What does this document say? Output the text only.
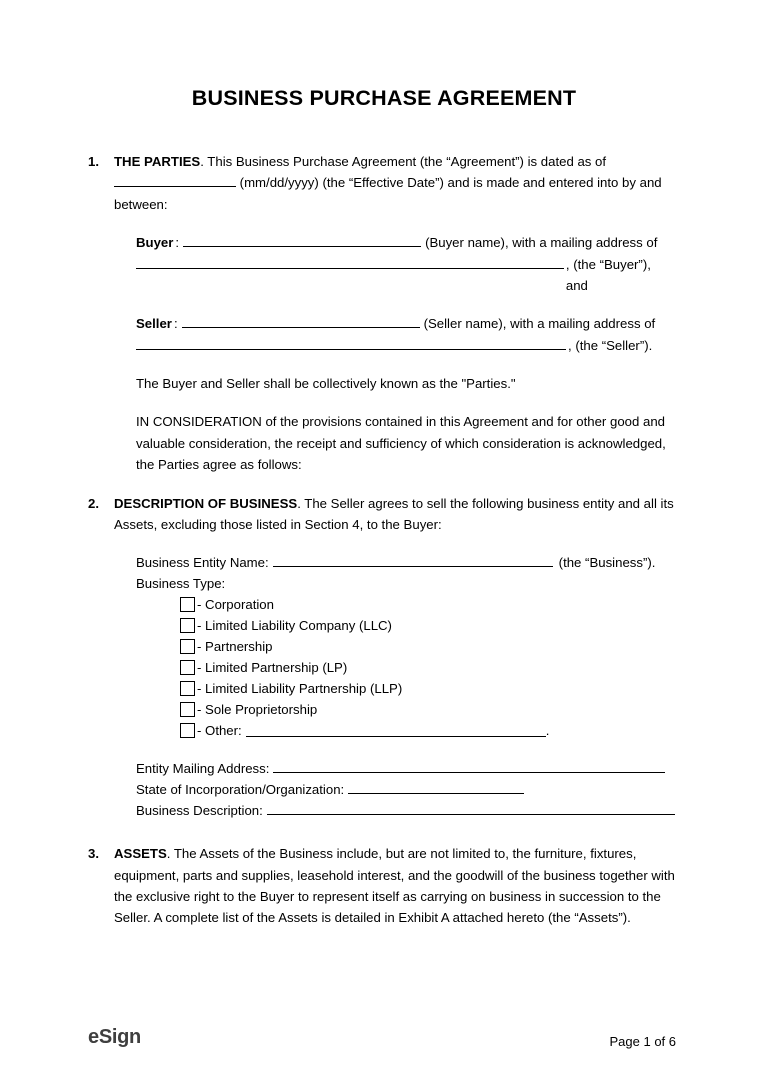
BUSINESS PURCHASE AGREEMENT
1.	THE PARTIES. This Business Purchase Agreement (the “Agreement”) is dated as of
(mm/dd/yyyy) (the “Effective Date”) and is made and entered into by and
between:
Buyer :	(Buyer name), with a mailing address of
, (the “Buyer”), and
Seller :	(Seller name), with a mailing address of
, (the “Seller”).
The Buyer and Seller shall be collectively known as the "Parties."
IN CONSIDERATION of the provisions contained in this Agreement and for other good and valuable consideration, the receipt and sufficiency of which consideration is acknowledged, the Parties agree as follows:
2.	DESCRIPTION OF BUSINESS. The Seller agrees to sell the following business entity and all its Assets, excluding those listed in Section 4, to the Buyer:
Business Entity Name:	(the “Business”).
Business Type:
- Corporation
- Limited Liability Company (LLC)
- Partnership
- Limited Partnership (LP)
- Limited Liability Partnership (LLP)
- Sole Proprietorship
- Other:	.
Entity Mailing Address:
State of Incorporation/Organization:
Business Description:
3.	ASSETS. The Assets of the Business include, but are not limited to, the furniture, fixtures, equipment, parts and supplies, leasehold interest, and the goodwill of the business together with the exclusive right to the Buyer to represent itself as carrying on business in succession to the Seller. A complete list of the Assets is detailed in Exhibit A attached hereto (the “Assets”).
eSign	Page 1 of 6
